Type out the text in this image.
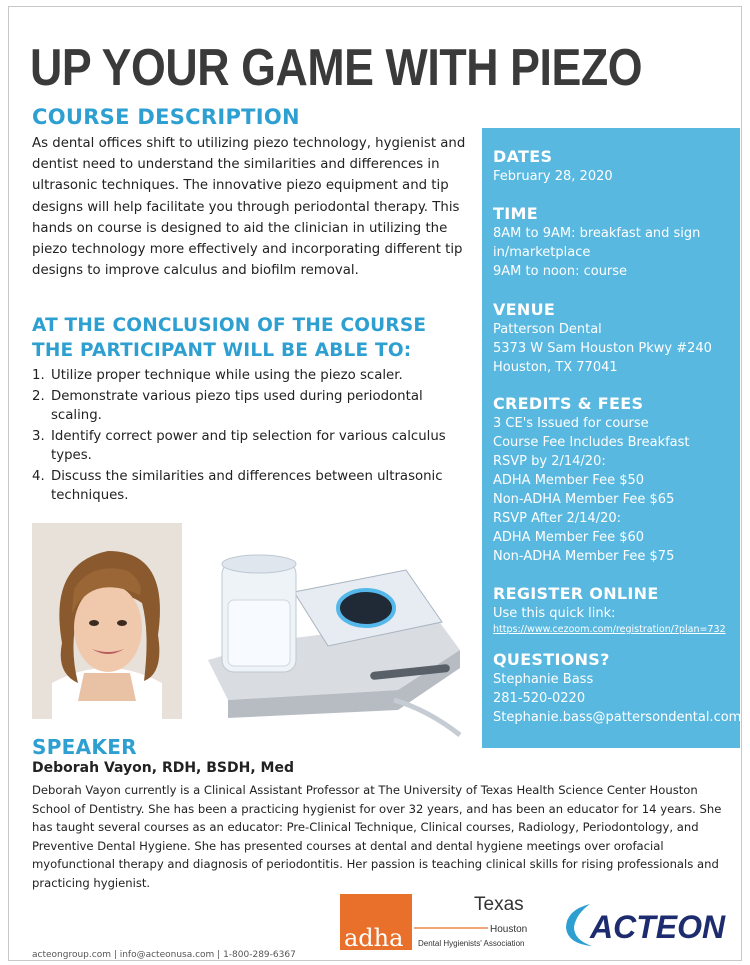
UP YOUR GAME WITH PIEZO
COURSE DESCRIPTION

As dental offices shift to utilizing piezo technology, hygienist and dentist need to understand the similarities and differences in ultrasonic techniques. The innovative piezo equipment and tip designs will help facilitate you through periodontal therapy. This hands on course is designed to aid the clinician in utilizing the piezo technology more effectively and incorporating different tip designs to improve calculus and biofilm removal.

AT THE CONCLUSION OF THE COURSE THE PARTICIPANT WILL BE ABLE TO:
1. Utilize proper technique while using the piezo scaler.
2. Demonstrate various piezo tips used during periodontal scaling.
3. Identify correct power and tip selection for various calculus types.
4. Discuss the similarities and differences between ultrasonic techniques.
DATES
February 28, 2020
TIME
8AM to 9AM: breakfast and sign
in/marketplace
9AM to noon: course
VENUE
Patterson Dental
5373 W Sam Houston Pkwy #240
Houston, TX 77041
CREDITS & FEES
3 CE's Issued for course
Course Fee Includes Breakfast
RSVP by 2/14/20:
ADHA Member Fee $50
Non-ADHA Member Fee $65
RSVP After 2/14/20:
ADHA Member Fee $60
Non-ADHA Member Fee $75
REGISTER ONLINE
Use this quick link:
https://www.cezoom.com/registration/?plan=732
QUESTIONS?
Stephanie Bass
281-520-0220
Stephanie.bass@pattersondental.com
SPEAKER
Deborah Vayon, RDH, BSDH, Med

Deborah Vayon currently is a Clinical Assistant Professor at The University of Texas Health Science Center Houston School of Dentistry. She has been a practicing hygienist for over 32 years, and has been an educator for 14 years. She has taught several courses as an educator: Pre-Clinical Technique, Clinical courses, Radiology, Periodontology, and Preventive Dental Hygiene. She has presented courses at dental and dental hygiene meetings over orofacial myofunctional therapy and diagnosis of periodontitis. Her passion is teaching clinical skills for rising professionals and practicing hygienist.

adha
Texas
Houston
Dental Hygienists' Association ACTEON
acteongroup.com | info@acteonusa.com | 1-800-289-6367
